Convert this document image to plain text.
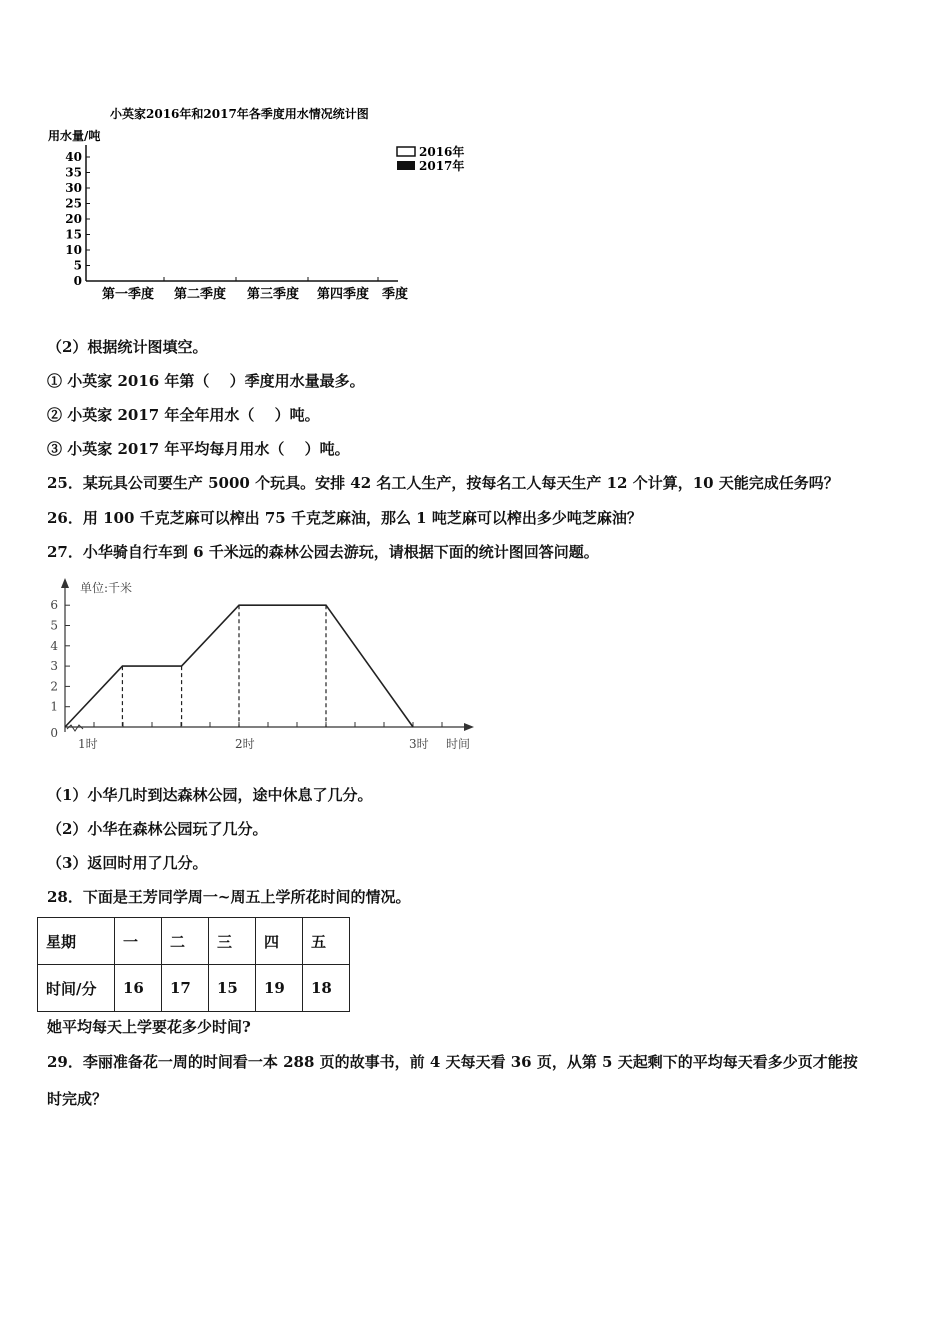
小英家2016年和2017年各季度用水情况统计图
用水量/吨
2016年
2017年
40
35
30
25
20
15
10
5
0
第一季度 第二季度 第三季度 第四季度 季度
（2）根据统计图填空。
① 小英家 2016 年第（　 ）季度用水量最多。
② 小英家 2017 年全年用水（　 ）吨。
③ 小英家 2017 年平均每月用水（　 ）吨。
25．某玩具公司要生产 5000 个玩具。安排 42 名工人生产，按每名工人每天生产 12 个计算，10 天能完成任务吗？
26．用 100 千克芝麻可以榨出 75 千克芝麻油，那么 1 吨芝麻可以榨出多少吨芝麻油？
27．小华骑自行车到 6 千米远的森林公园去游玩，请根据下面的统计图回答问题。
单位:千米
时间
0
1
2
3
4
5
6
1时	2时	3时
（1）小华几时到达森林公园，途中休息了几分。
（2）小华在森林公园玩了几分。
（3）返回时用了几分。
28．下面是王芳同学周一~周五上学所花时间的情况。
星期	一	二	三	四	五
时间/分	16	17	15	19	18
她平均每天上学要花多少时间?
29．李丽准备花一周的时间看一本 288 页的故事书，前 4 天每天看 36 页，从第 5 天起剩下的平均每天看多少页才能按
时完成？
